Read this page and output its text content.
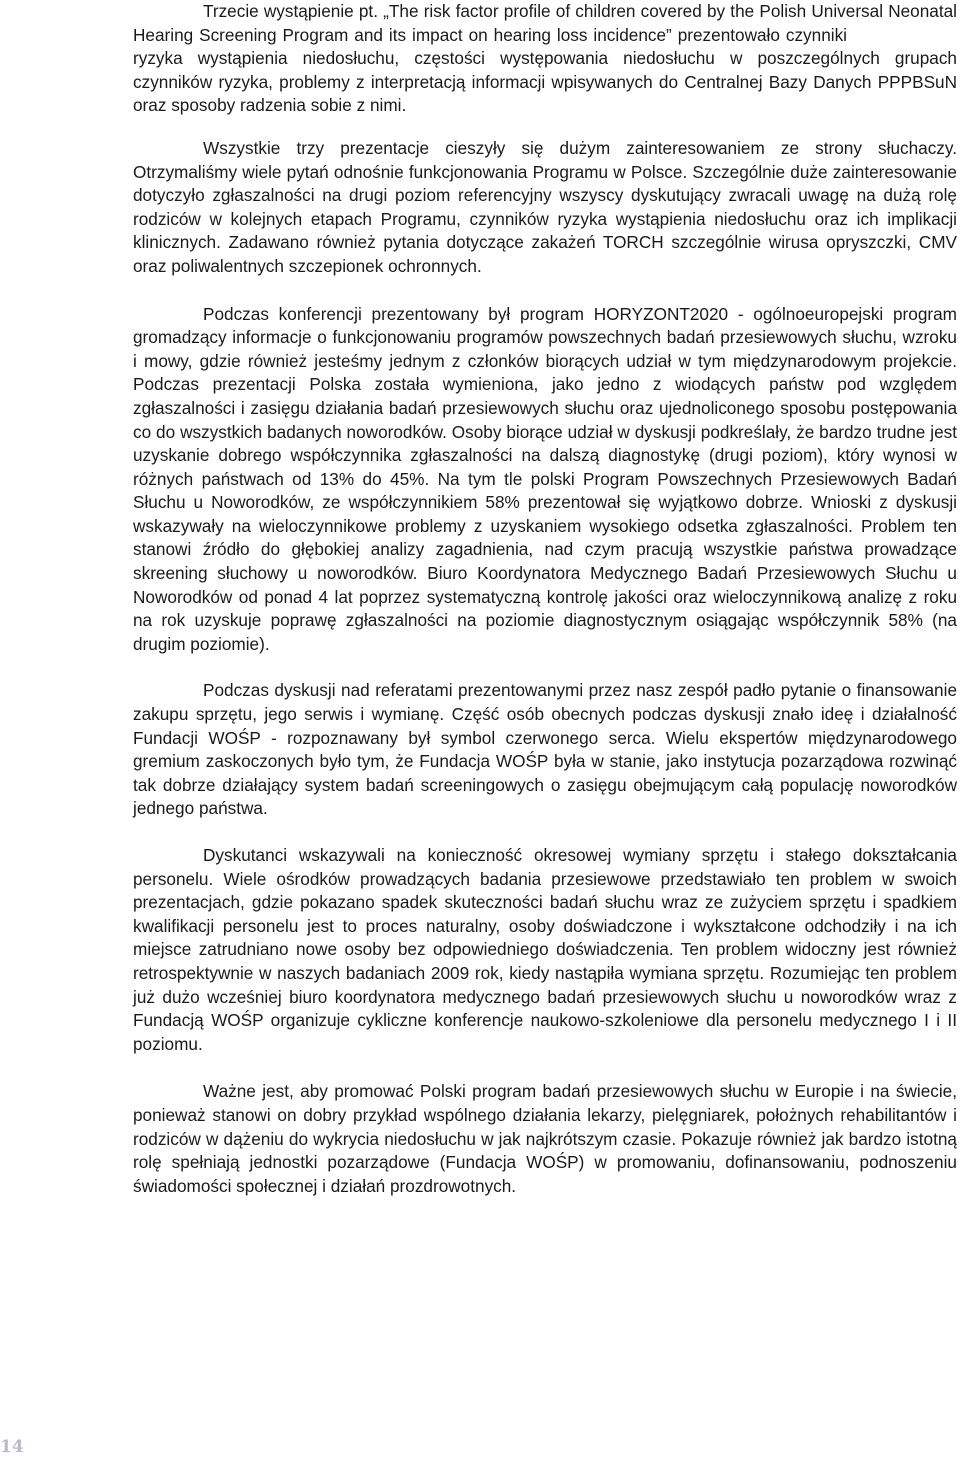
Trzecie wystąpienie pt. „The risk factor profile of children covered by the Polish Universal Neonatal Hearing Screening Program and its impact on hearing loss incidence” prezentowało czynnikiryzyka wystąpienia niedosłuchu, częstości występowania niedosłuchu w poszczególnych grupach czynników ryzyka, problemy z interpretacją informacji wpisywanych do Centralnej Bazy Danych PPPBSuN oraz sposoby radzenia sobie z nimi.

Wszystkie trzy prezentacje cieszyły się dużym zainteresowaniem ze strony słuchaczy. Otrzymaliśmy wiele pytań odnośnie funkcjonowania Programu w Polsce. Szczególnie duże zainteresowanie dotyczyło zgłaszalności na drugi poziom referencyjny wszyscy dyskutujący zwracali uwagę na dużą rolę rodziców w kolejnych etapach Programu, czynników ryzyka wystąpienia niedosłuchu oraz ich implikacji klinicznych. Zadawano również pytania dotyczące zakażeń TORCH szczególnie wirusa opryszczki, CMV oraz poliwalentnych szczepionek ochronnych.

Podczas konferencji prezentowany był program HORYZONT2020 - ogólnoeuropejski program gromadzący informacje o funkcjonowaniu programów powszechnych badań przesiewowych słuchu, wzroku i mowy, gdzie również jesteśmy jednym z członków biorących udział w tym międzynarodowym projekcie. Podczas prezentacji Polska została wymieniona, jako jedno z wiodących państw pod względem zgłaszalności i zasięgu działania badań przesiewowych słuchu oraz ujednoliconego sposobu postępowania co do wszystkich badanych noworodków. Osoby biorące udział w dyskusji podkreślały, że bardzo trudne jest uzyskanie dobrego współczynnika zgłaszalności na dalszą diagnostykę (drugi poziom), który wynosi w różnych państwach od 13% do 45%. Na tym tle polski Program Powszechnych Przesiewowych Badań Słuchu u Noworodków, ze współczynnikiem 58% prezentował się wyjątkowo dobrze. Wnioski z dyskusji wskazywały na wieloczynnikowe problemy z uzyskaniem wysokiego odsetka zgłaszalności. Problem ten stanowi źródło do głębokiej analizy zagadnienia, nad czym pracują wszystkie państwa prowadzące skreening słuchowy u noworodków. Biuro Koordynatora Medycznego Badań Przesiewowych Słuchu u Noworodków od ponad 4 lat poprzez systematyczną kontrolę jakości oraz wieloczynnikową analizę z roku na rok uzyskuje poprawę zgłaszalności na poziomie diagnostycznym osiągając współczynnik 58% (na drugim poziomie).

Podczas dyskusji nad referatami prezentowanymi przez nasz zespół padło pytanie o finansowanie zakupu sprzętu, jego serwis i wymianę. Część osób obecnych podczas dyskusji znało ideę i działalność Fundacji WOŚP - rozpoznawany był symbol czerwonego serca. Wielu ekspertów międzynarodowego gremium zaskoczonych było tym, że Fundacja WOŚP była w stanie, jako instytucja pozarządowa rozwinąć tak dobrze działający system badań screeningowych o zasięgu obejmującym całą populację noworodków jednego państwa.

Dyskutanci wskazywali na konieczność okresowej wymiany sprzętu i stałego dokształcania personelu. Wiele ośrodków prowadzących badania przesiewowe przedstawiało ten problem w swoich prezentacjach, gdzie pokazano spadek skuteczności badań słuchu wraz ze zużyciem sprzętu i spadkiem kwalifikacji personelu jest to proces naturalny, osoby doświadczone i wykształcone odchodziły i na ich miejsce zatrudniano nowe osoby bez odpowiedniego doświadczenia. Ten problem widoczny jest również retrospektywnie w naszych badaniach 2009 rok, kiedy nastąpiła wymiana sprzętu. Rozumiejąc ten problem już dużo wcześniej biuro koordynatora medycznego badań przesiewowych słuchu u noworodków wraz z Fundacją WOŚP organizuje cykliczne konferencje naukowo-szkoleniowe dla personelu medycznego I i II poziomu.

Ważne jest, aby promować Polski program badań przesiewowych słuchu w Europie i na świecie, ponieważ stanowi on dobry przykład wspólnego działania lekarzy, pielęgniarek, położnych rehabilitantów i rodziców w dążeniu do wykrycia niedosłuchu w jak najkrótszym czasie. Pokazuje również jak bardzo istotną rolę spełniają jednostki pozarządowe (Fundacja WOŚP) w promowaniu, dofinansowaniu, podnoszeniu świadomości społecznej i działań prozdrowotnych.

14
